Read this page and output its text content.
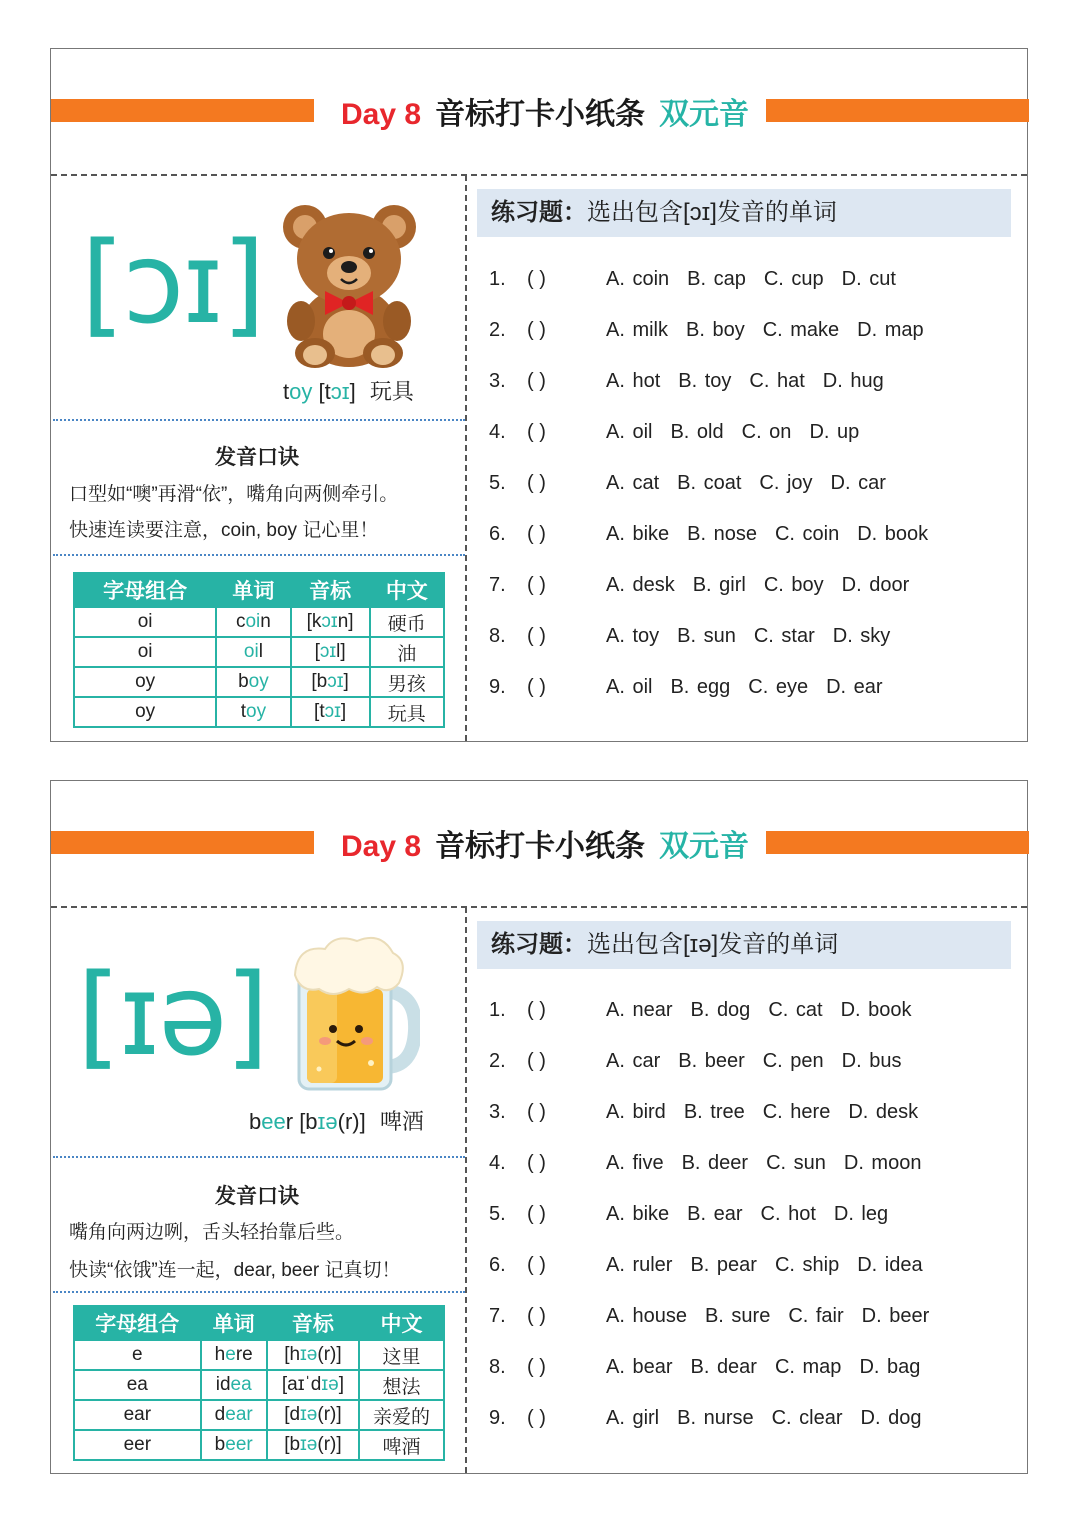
Day 8 音标打卡小纸条 双元音
[ɔɪ]
toy [tɔɪ] 玩具
发音口诀
口型如“噢”再滑“依”，嘴角向两侧牵引。
快速连读要注意，coin, boy 记心里！
字母组合	单词	音标	中文
oi	coin	[kɔɪn]	硬币
oi	oil	[ɔɪl]	油
oy	boy	[bɔɪ]	男孩
oy	toy	[tɔɪ]	玩具
练习题：选出包含[ɔɪ]发音的单词
1.	( )	A. coin B. cap C. cup D. cut
2.	( )	A. milk B. boy C. make D. map
3.	( )	A. hot B. toy C. hat D. hug
4.	( )	A. oil B. old C. on D. up
5.	( )	A. cat B. coat C. joy D. car
6.	( )	A. bike B. nose C. coin D. book
7.	( )	A. desk B. girl C. boy D. door
8.	( )	A. toy B. sun C. star D. sky
9.	( )	A. oil B. egg C. eye D. ear
Day 8 音标打卡小纸条 双元音
[ɪə]
beer [bɪə(r)] 啤酒
发音口诀
嘴角向两边咧，舌头轻抬靠后些。
快读“依饿”连一起，dear, beer 记真切！
字母组合	单词	音标	中文
e	here	[hɪə(r)]	这里
ea	idea	[aɪˈdɪə]	想法
ear	dear	[dɪə(r)]	亲爱的
eer	beer	[bɪə(r)]	啤酒
练习题：选出包含[ɪə]发音的单词
1.	( )	A. near B. dog C. cat D. book
2.	( )	A. car B. beer C. pen D. bus
3.	( )	A. bird B. tree C. here D. desk
4.	( )	A. five B. deer C. sun D. moon
5.	( )	A. bike B. ear C. hot D. leg
6.	( )	A. ruler B. pear C. ship D. idea
7.	( )	A. house B. sure C. fair D. beer
8.	( )	A. bear B. dear C. map D. bag
9.	( )	A. girl B. nurse C. clear D. dog
